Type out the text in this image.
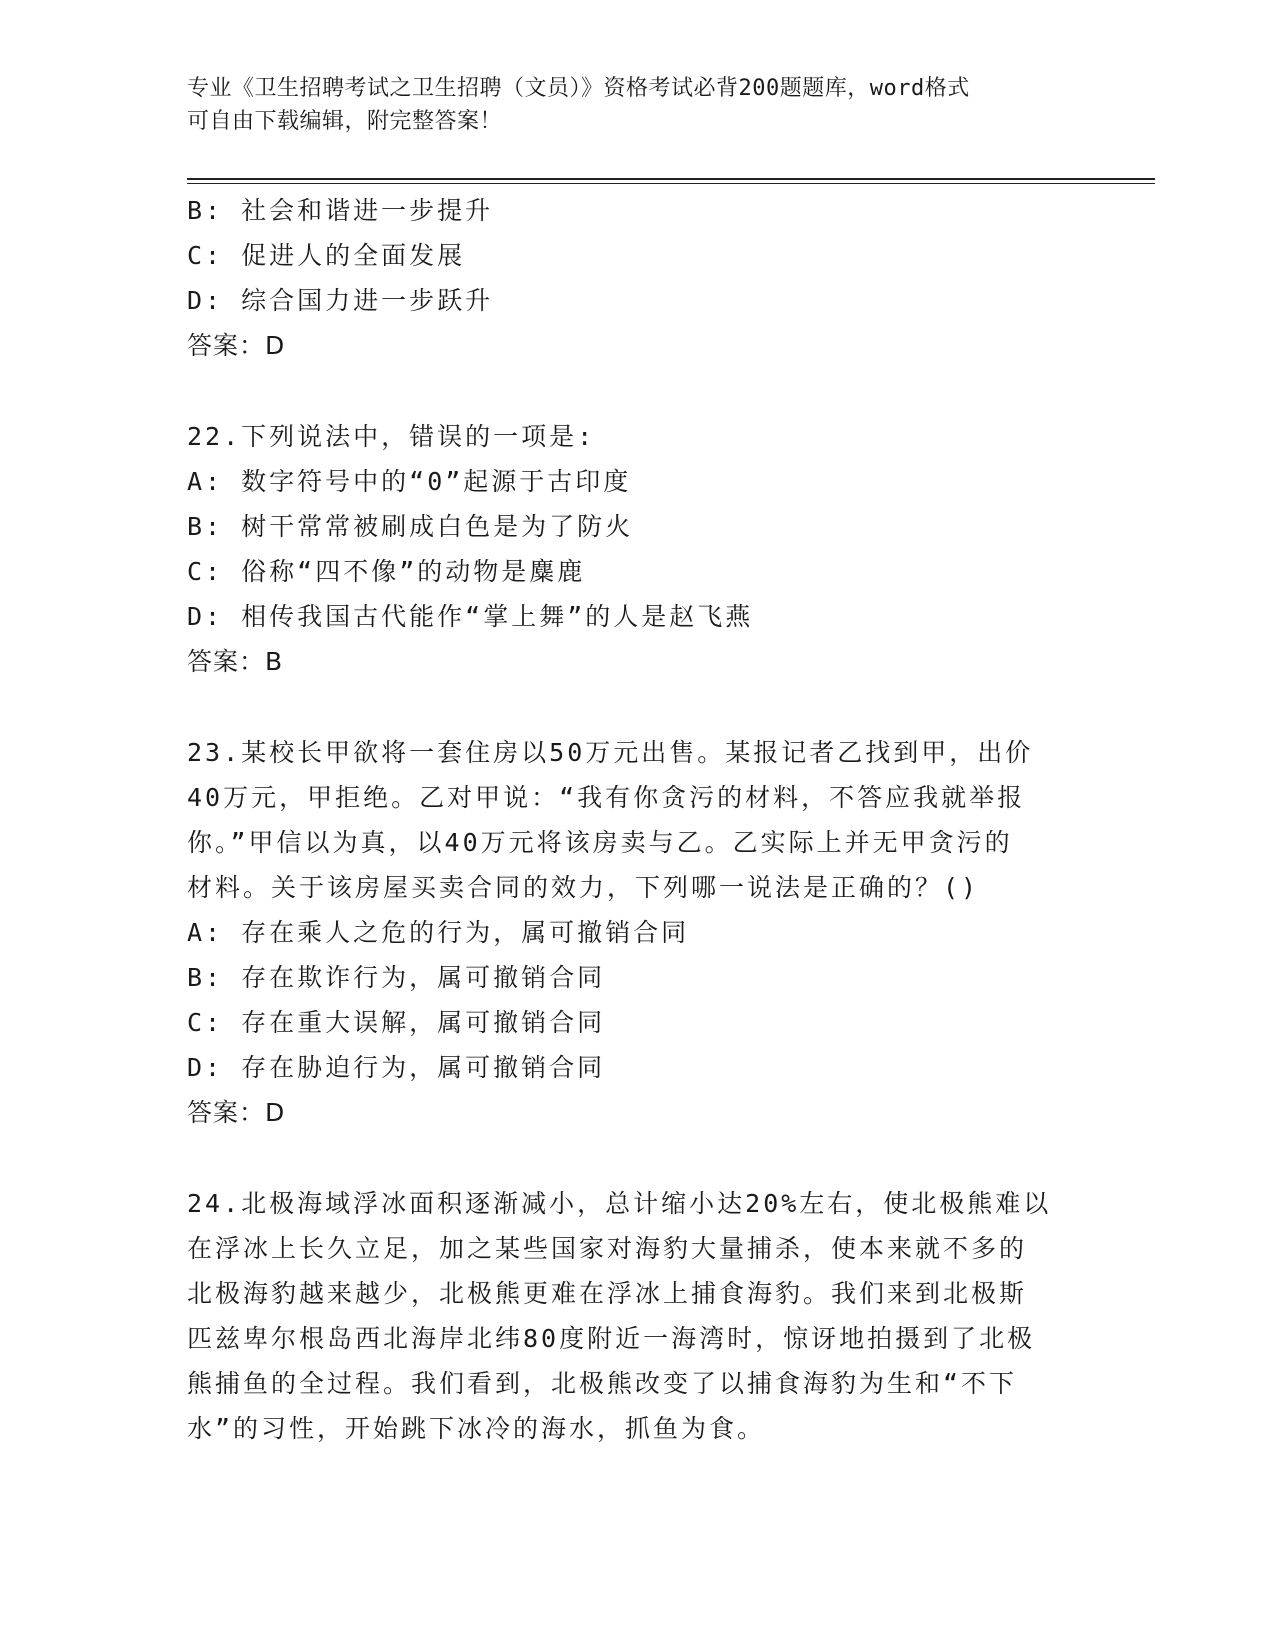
专业《卫生招聘考试之卫生招聘（文员）》资格考试必背200题题库，word格式
可自由下载编辑，附完整答案！
B: 社会和谐进一步提升
C: 促进人的全面发展
D: 综合国力进一步跃升
答案：D
22.下列说法中，错误的一项是:
A: 数字符号中的“0”起源于古印度
B: 树干常常被刷成白色是为了防火
C: 俗称“四不像”的动物是麋鹿
D: 相传我国古代能作“掌上舞”的人是赵飞燕
答案：B
23.某校长甲欲将一套住房以50万元出售。某报记者乙找到甲，出价
40万元，甲拒绝。乙对甲说：“我有你贪污的材料，不答应我就举报
你。”甲信以为真，以40万元将该房卖与乙。乙实际上并无甲贪污的
材料。关于该房屋买卖合同的效力，下列哪一说法是正确的？()
A: 存在乘人之危的行为，属可撤销合同
B: 存在欺诈行为，属可撤销合同
C: 存在重大误解，属可撤销合同
D: 存在胁迫行为，属可撤销合同
答案：D
24.北极海域浮冰面积逐渐减小，总计缩小达20%左右，使北极熊难以
在浮冰上长久立足，加之某些国家对海豹大量捕杀，使本来就不多的
北极海豹越来越少，北极熊更难在浮冰上捕食海豹。我们来到北极斯
匹兹卑尔根岛西北海岸北纬80度附近一海湾时，惊讶地拍摄到了北极
熊捕鱼的全过程。我们看到，北极熊改变了以捕食海豹为生和“不下
水”的习性，开始跳下冰冷的海水，抓鱼为食。
